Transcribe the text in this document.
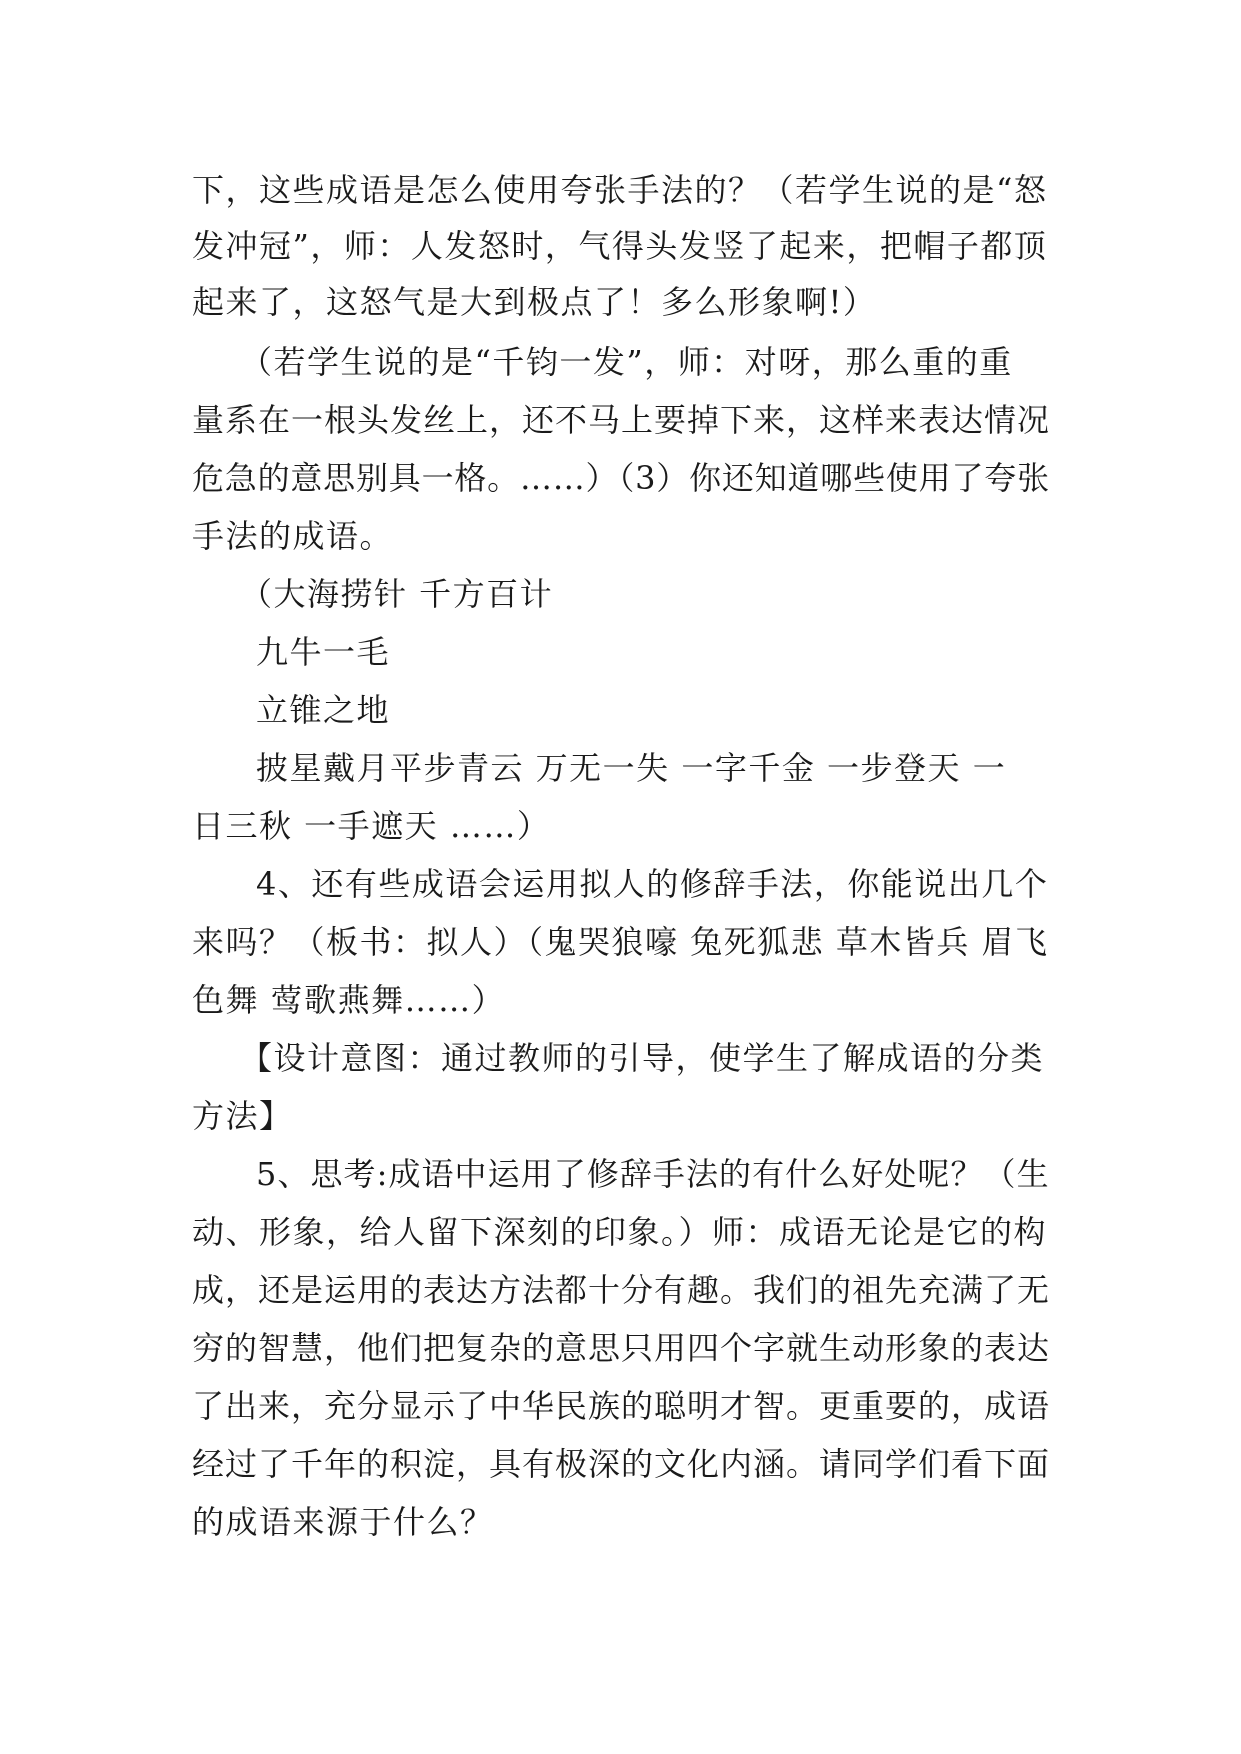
下，这些成语是怎么使用夸张手法的？（若学生说的是“怒
发冲冠”，师：人发怒时，气得头发竖了起来，把帽子都顶
起来了，这怒气是大到极点了！多么形象啊!）
（若学生说的是“千钧一发”，师：对呀，那么重的重
量系在一根头发丝上，还不马上要掉下来，这样来表达情况
危急的意思别具一格。……）（3）你还知道哪些使用了夸张
手法的成语。
（大海捞针 千方百计
九牛一毛
立锥之地
披星戴月平步青云 万无一失 一字千金 一步登天 一
日三秋 一手遮天 ……）
4、还有些成语会运用拟人的修辞手法，你能说出几个
来吗？（板书：拟人）（鬼哭狼嚎 兔死狐悲 草木皆兵 眉飞
色舞 莺歌燕舞……）
【设计意图：通过教师的引导，使学生了解成语的分类
方法】
5、思考:成语中运用了修辞手法的有什么好处呢？（生
动、形象，给人留下深刻的印象。）师：成语无论是它的构
成，还是运用的表达方法都十分有趣。我们的祖先充满了无
穷的智慧，他们把复杂的意思只用四个字就生动形象的表达
了出来，充分显示了中华民族的聪明才智。更重要的，成语
经过了千年的积淀，具有极深的文化内涵。请同学们看下面
的成语来源于什么？
